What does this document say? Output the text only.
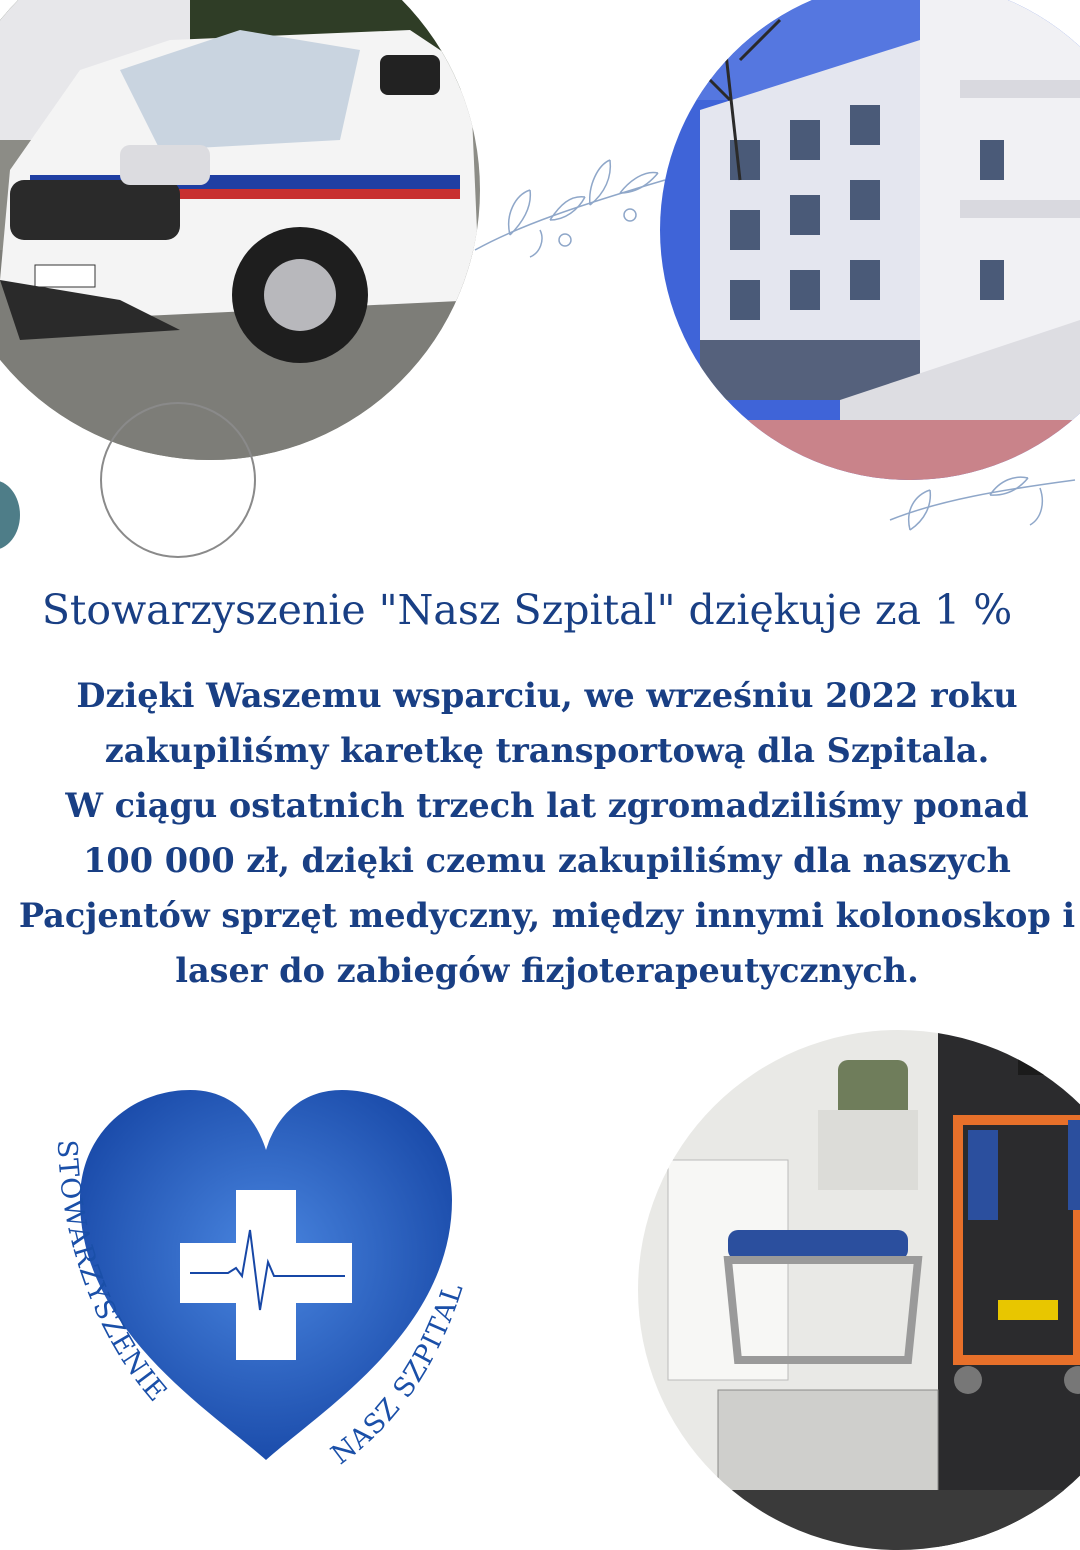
Stowarzyszenie "Nasz Szpital" dziękuje za 1 %
Dzięki Waszemu wsparciu, we wrześniu 2022 roku
zakupiliśmy karetkę transportową dla Szpitala.
W ciągu ostatnich trzech lat zgromadziliśmy ponad
100 000 zł, dzięki czemu zakupiliśmy dla naszych
Pacjentów sprzęt medyczny, między innymi kolonoskop i
laser do zabiegów fizjoterapeutycznych.
STOWARZYSZENIE
NASZ SZPITAL
